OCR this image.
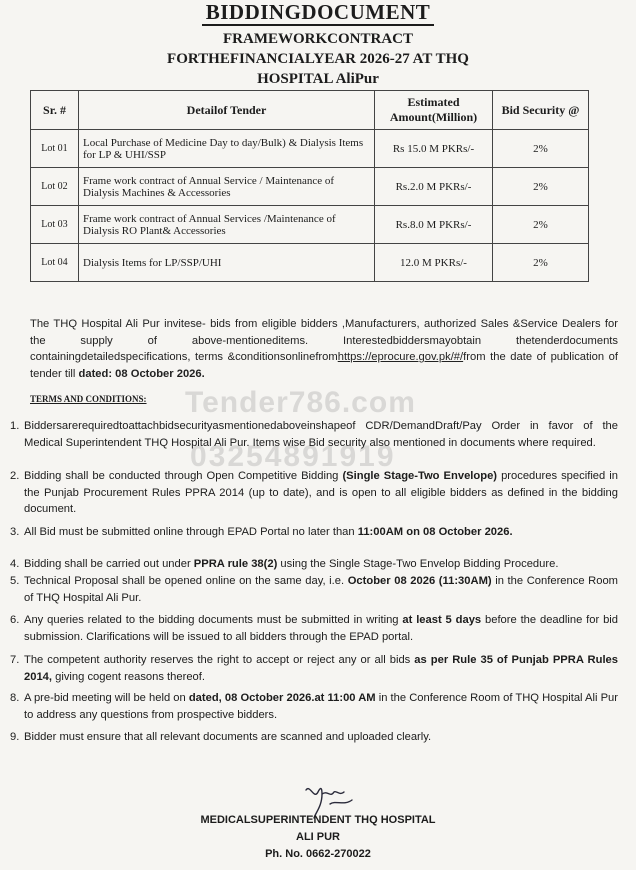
BIDDINGDOCUMENT
FRAMEWORKCONTRACT
FORTHEFINANCIALYEAR 2026-27 AT THQ
HOSPITAL AliPur
Sr. #	Detailof Tender	Estimated Amount(Million)	Bid Security @
Lot 01	Local Purchase of Medicine Day to day/Bulk) & Dialysis Items for LP & UHI/SSP	Rs 15.0 M PKRs/-	2%
Lot 02	Frame work contract of Annual Service / Maintenance of Dialysis Machines & Accessories	Rs.2.0 M PKRs/-	2%
Lot 03	Frame work contract of Annual Services /Maintenance of Dialysis RO Plant& Accessories	Rs.8.0 M PKRs/-	2%
Lot 04	Dialysis Items for LP/SSP/UHI	12.0 M PKRs/-	2%
The THQ Hospital Ali Pur invitese- bids from eligible bidders ,Manufacturers, authorized Sales &Service Dealers for the supply of above-mentioneditems. Interestedbiddersmayobtain thetenderdocuments containingdetailedspecifications, terms &conditionsonlinefromhttps://eprocure.gov.pk/#/from the date of publication of tender till dated: 08 October 2026.
TERMS AND CONDITIONS: Tender786.com
03254891919
1. Biddersarerequiredtoattachbidsecurityasmentionedaboveinshapeof CDR/DemandDraft/Pay Order in favor of the Medical Superintendent THQ Hospital Ali Pur. Items wise Bid security also mentioned in documents where required.
2. Bidding shall be conducted through Open Competitive Bidding (Single Stage-Two Envelope) procedures specified in the Punjab Procurement Rules PPRA 2014 (up to date), and is open to all eligible bidders as defined in the bidding document.
3. All Bid must be submitted online through EPAD Portal no later than 11:00AM on 08 October 2026.
4. Bidding shall be carried out under PPRA rule 38(2) using the Single Stage-Two Envelop Bidding Procedure.
5. Technical Proposal shall be opened online on the same day, i.e. October 08 2026 (11:30AM) in the Conference Room of THQ Hospital Ali Pur.
6. Any queries related to the bidding documents must be submitted in writing at least 5 days before the deadline for bid submission. Clarifications will be issued to all bidders through the EPAD portal.
7. The competent authority reserves the right to accept or reject any or all bids as per Rule 35 of Punjab PPRA Rules 2014, giving cogent reasons thereof.
8. A pre-bid meeting will be held on dated, 08 October 2026.at 11:00 AM in the Conference Room of THQ Hospital Ali Pur to address any questions from prospective bidders.
9. Bidder must ensure that all relevant documents are scanned and uploaded clearly.
MEDICALSUPERINTENDENT THQ HOSPITAL
ALI PUR
Ph. No. 0662-270022
